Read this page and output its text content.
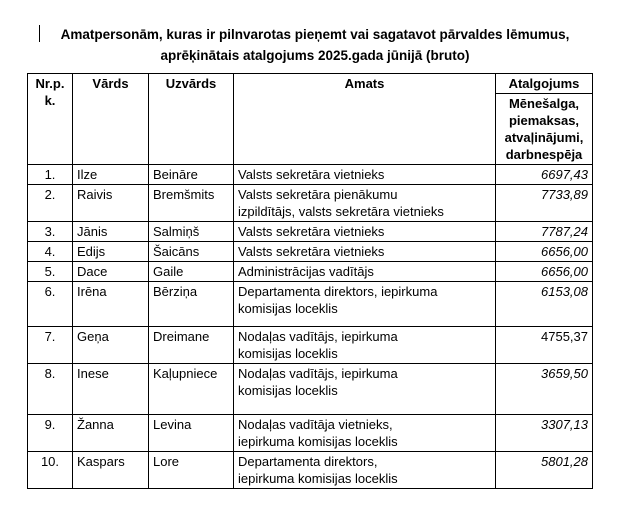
Amatpersonām, kuras ir pilnvarotas pieņemt vai sagatavot pārvaldes lēmumus,
aprēķinātais atalgojums 2025.gada jūnijā (bruto)
Nr.p. k.	Vārds	Uzvārds	Amats	Atalgojums
				Mēnešalga, piemaksas, atvaļinājumi, darbnespēja
1.	Ilze	Beināre	Valsts sekretāra vietnieks	6697,43
2.	Raivis	Bremšmits	Valsts sekretāra pienākumu
izpildītājs, valsts sekretāra vietnieks	7733,89
3.	Jānis	Salmiņš	Valsts sekretāra vietnieks	7787,24
4.	Edijs	Šaicāns	Valsts sekretāra vietnieks	6656,00
5.	Dace	Gaile	Administrācijas vadītājs	6656,00
6.	Irēna	Bērziņa	Departamenta direktors, iepirkuma
komisijas loceklis	6153,08
7.	Geņa	Dreimane	Nodaļas vadītājs, iepirkuma
komisijas loceklis	4755,37
8.	Inese	Kaļupniece	Nodaļas vadītājs, iepirkuma
komisijas loceklis	3659,50
9.	Žanna	Levina	Nodaļas vadītāja vietnieks,
iepirkuma komisijas loceklis	3307,13
10.	Kaspars	Lore	Departamenta direktors,
iepirkuma komisijas loceklis	5801,28
